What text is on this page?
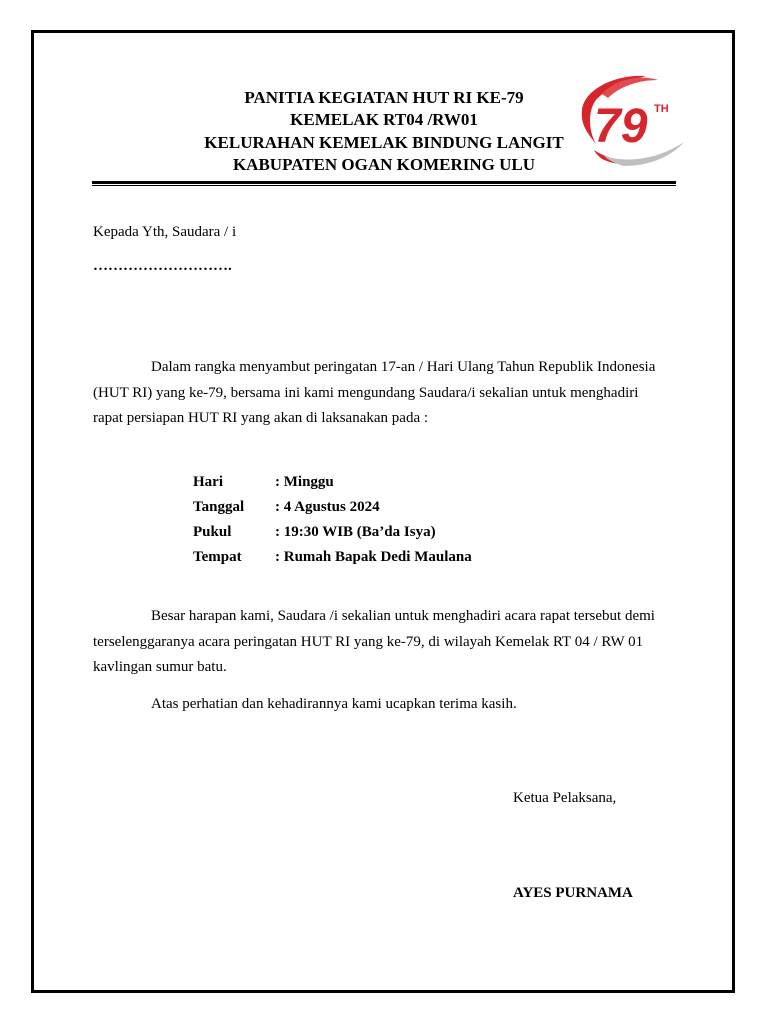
PANITIA KEGIATAN HUT RI KE-79
KEMELAK RT04 /RW01
KELURAHAN KEMELAK BINDUNG LANGIT
KABUPATEN OGAN KOMERING ULU
79 TH
Kepada Yth, Saudara / i
……………………….
Dalam rangka menyambut peringatan 17-an / Hari Ulang Tahun Republik Indonesia
(HUT RI) yang ke-79, bersama ini kami mengundang Saudara/i sekalian untuk menghadiri
rapat persiapan HUT RI yang akan di laksanakan pada :
Hari	: Minggu
Tanggal : 4 Agustus 2024
Pukul	: 19:30 WIB (Ba’da Isya)
Tempat : Rumah Bapak Dedi Maulana
Besar harapan kami, Saudara /i sekalian untuk menghadiri acara rapat tersebut demi
terselenggaranya acara peringatan HUT RI yang ke-79, di wilayah Kemelak RT 04 / RW 01
kavlingan sumur batu.
Atas perhatian dan kehadirannya kami ucapkan terima kasih.
Ketua Pelaksana,
AYES PURNAMA
